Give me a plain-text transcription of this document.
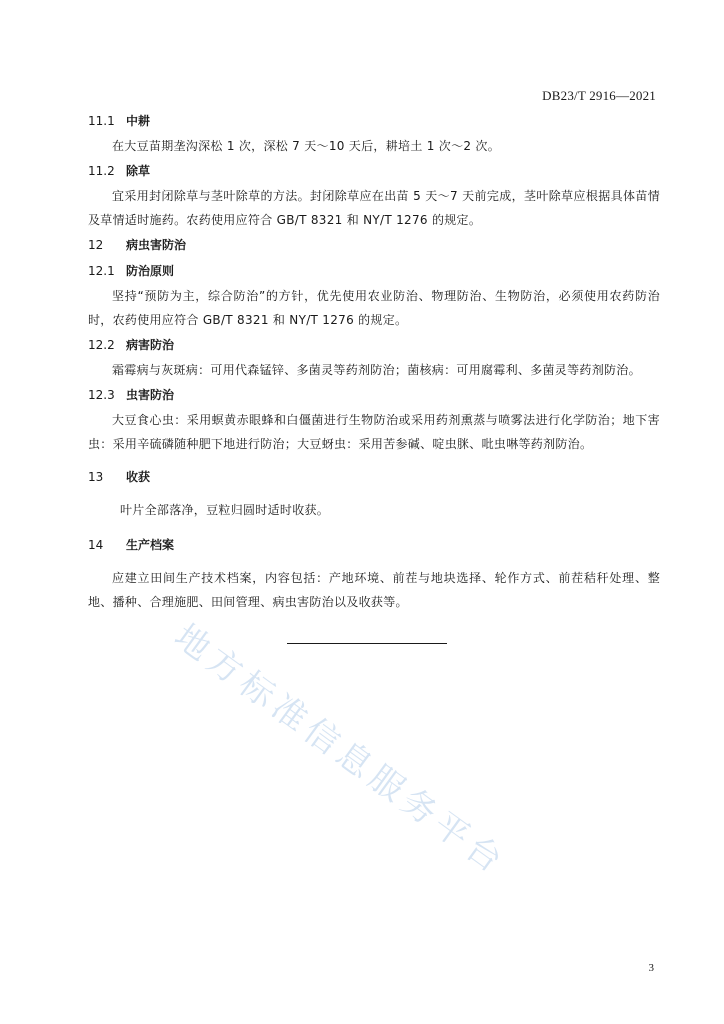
DB23/T 2916—2021
11.1 中耕

在大豆苗期垄沟深松 1 次，深松 7 天～10 天后，耕培土 1 次～2 次。

11.2 除草

宜采用封闭除草与茎叶除草的方法。封闭除草应在出苗 5 天～7 天前完成，茎叶除草应根据具体苗情及草情适时施药。农药使用应符合 GB/T 8321 和 NY/T 1276 的规定。

12	病虫害防治
12.1 防治原则

坚持“预防为主，综合防治”的方针，优先使用农业防治、物理防治、生物防治，必须使用农药防治时，农药使用应符合 GB/T 8321 和 NY/T 1276 的规定。

12.2 病害防治

霜霉病与灰斑病：可用代森锰锌、多菌灵等药剂防治；菌核病：可用腐霉利、多菌灵等药剂防治。

12.3 虫害防治

大豆食心虫：采用螟黄赤眼蜂和白僵菌进行生物防治或采用药剂熏蒸与喷雾法进行化学防治；地下害虫：采用辛硫磷随种肥下地进行防治；大豆蚜虫：采用苦参碱、啶虫脒、吡虫啉等药剂防治。

13	收获

叶片全部落净，豆粒归圆时适时收获。

14	生产档案

应建立田间生产技术档案，内容包括：产地环境、前茬与地块选择、轮作方式、前茬秸秆处理、整地、播种、合理施肥、田间管理、病虫害防治以及收获等。

地方标准信息服务平台
3
